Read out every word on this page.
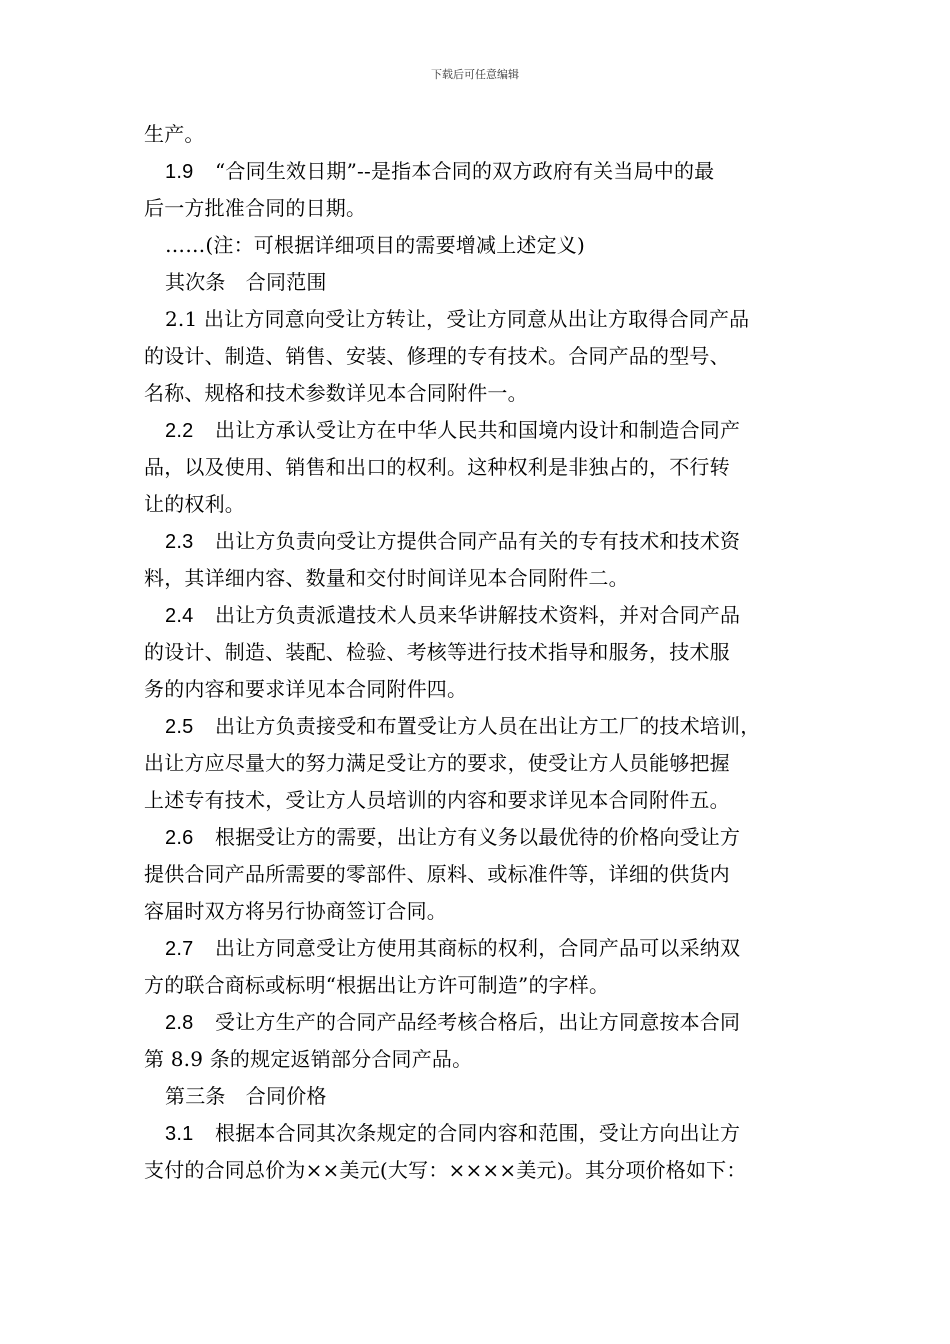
下载后可任意编辑
生产。
1.9 “合同生效日期”--是指本合同的双方政府有关当局中的最
后一方批准合同的日期。
……(注：可根据详细项目的需要增减上述定义)
其次条　合同范围
2.1 出让方同意向受让方转让，受让方同意从出让方取得合同产品
的设计、制造、销售、安装、修理的专有技术。合同产品的型号、
名称、规格和技术参数详见本合同附件一。
2.2 出让方承认受让方在中华人民共和国境内设计和制造合同产
品，以及使用、销售和出口的权利。这种权利是非独占的，不行转
让的权利。
2.3 出让方负责向受让方提供合同产品有关的专有技术和技术资
料，其详细内容、数量和交付时间详见本合同附件二。
2.4 出让方负责派遣技术人员来华讲解技术资料，并对合同产品
的设计、制造、装配、检验、考核等进行技术指导和服务，技术服
务的内容和要求详见本合同附件四。
2.5 出让方负责接受和布置受让方人员在出让方工厂的技术培训，
出让方应尽量大的努力满足受让方的要求，使受让方人员能够把握
上述专有技术，受让方人员培训的内容和要求详见本合同附件五。
2.6 根据受让方的需要，出让方有义务以最优待的价格向受让方
提供合同产品所需要的零部件、原料、或标准件等，详细的供货内
容届时双方将另行协商签订合同。
2.7 出让方同意受让方使用其商标的权利，合同产品可以采纳双
方的联合商标或标明“根据出让方许可制造”的字样。
2.8 受让方生产的合同产品经考核合格后，出让方同意按本合同
第 8.9 条的规定返销部分合同产品。
第三条　合同价格
3.1 根据本合同其次条规定的合同内容和范围，受让方向出让方
支付的合同总价为××美元(大写：××××美元)。其分项价格如下：
